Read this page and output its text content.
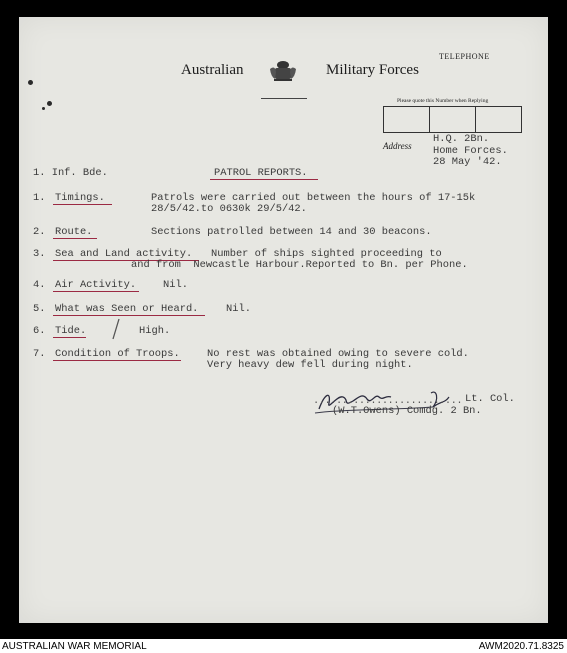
Australian	Military Forces
TELEPHONE
Please quote this Number when Replying
Address
H.Q. 2Bn.
Home Forces.
28 May '42.
1. Inf. Bde.	PATROL REPORTS.
1. Timings.	Patrols were carried out between the hours of 17-15k
28/5/42.to 0630k 29/5/42.
2. Route.	Sections patrolled between 14 and 30 beacons.
3. Sea and Land activity. Number of ships sighted proceeding to
and from  Newcastle Harbour.Reported to Bn. per Phone.
4. Air Activity.	Nil.
5. What was Seen or Heard.	Nil.
6. Tide.	High.
7. Condition of Troops.	No rest was obtained owing to severe cold.
Very heavy dew fell during night.
.......................... Lt. Col.
(W.T.Owens) Comdg. 2 Bn.
AUSTRALIAN WAR MEMORIAL	AWM2020.71.8325
